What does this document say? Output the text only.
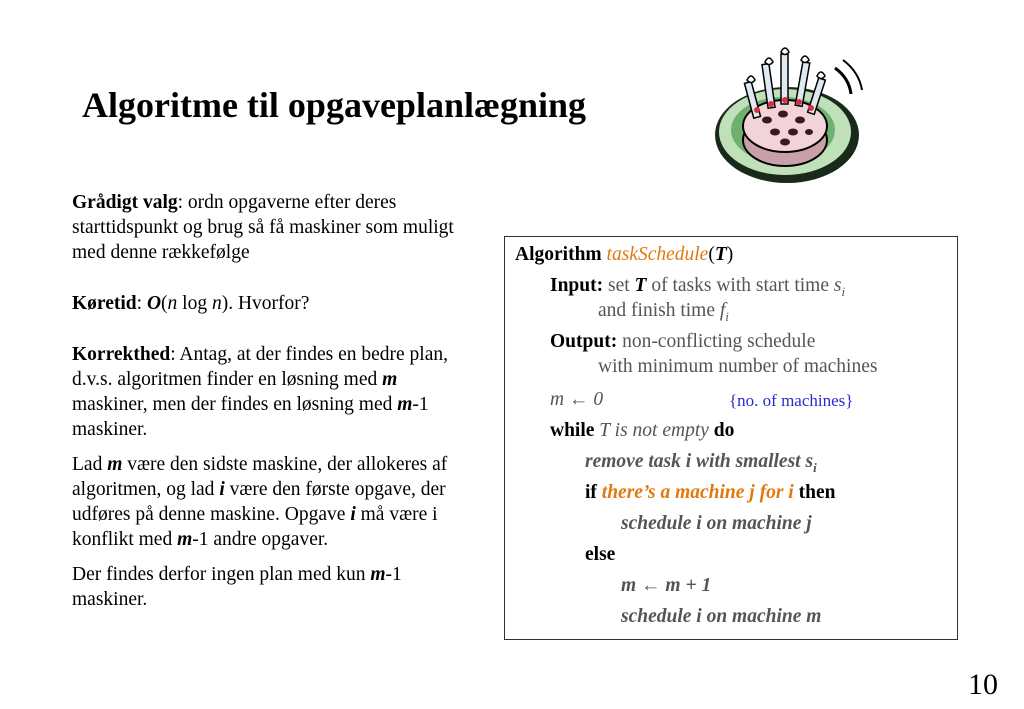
Algoritme til opgaveplanlægning

Grådigt valg: ordn opgaverne efter deres starttidspunkt og brug så få maskiner som muligt med denne rækkefølge

Køretid: O(n log n). Hvorfor?

Korrekthed: Antag, at der findes en bedre plan, d.v.s. algoritmen finder en løsning med m maskiner, men der findes en løsning med m-1 maskiner.

Lad m være den sidste maskine, der allokeres af algoritmen, og lad i være den første opgave, der udføres på denne maskine. Opgave i må være i konflikt med m-1 andre opgaver.

Der findes derfor ingen plan med kun m-1 maskiner.

Algorithm taskSchedule(T)
Input: set T of tasks with start time $s_i$
and finish time $f_i$
Output: non-conflicting schedule
with minimum number of machines
m ← 0	{no. of machines}
while T is not empty do
remove task i with smallest $s_i$
if there’s a machine j for i then
schedule i on machine j
else
m ← m + 1
schedule i on machine m
10
